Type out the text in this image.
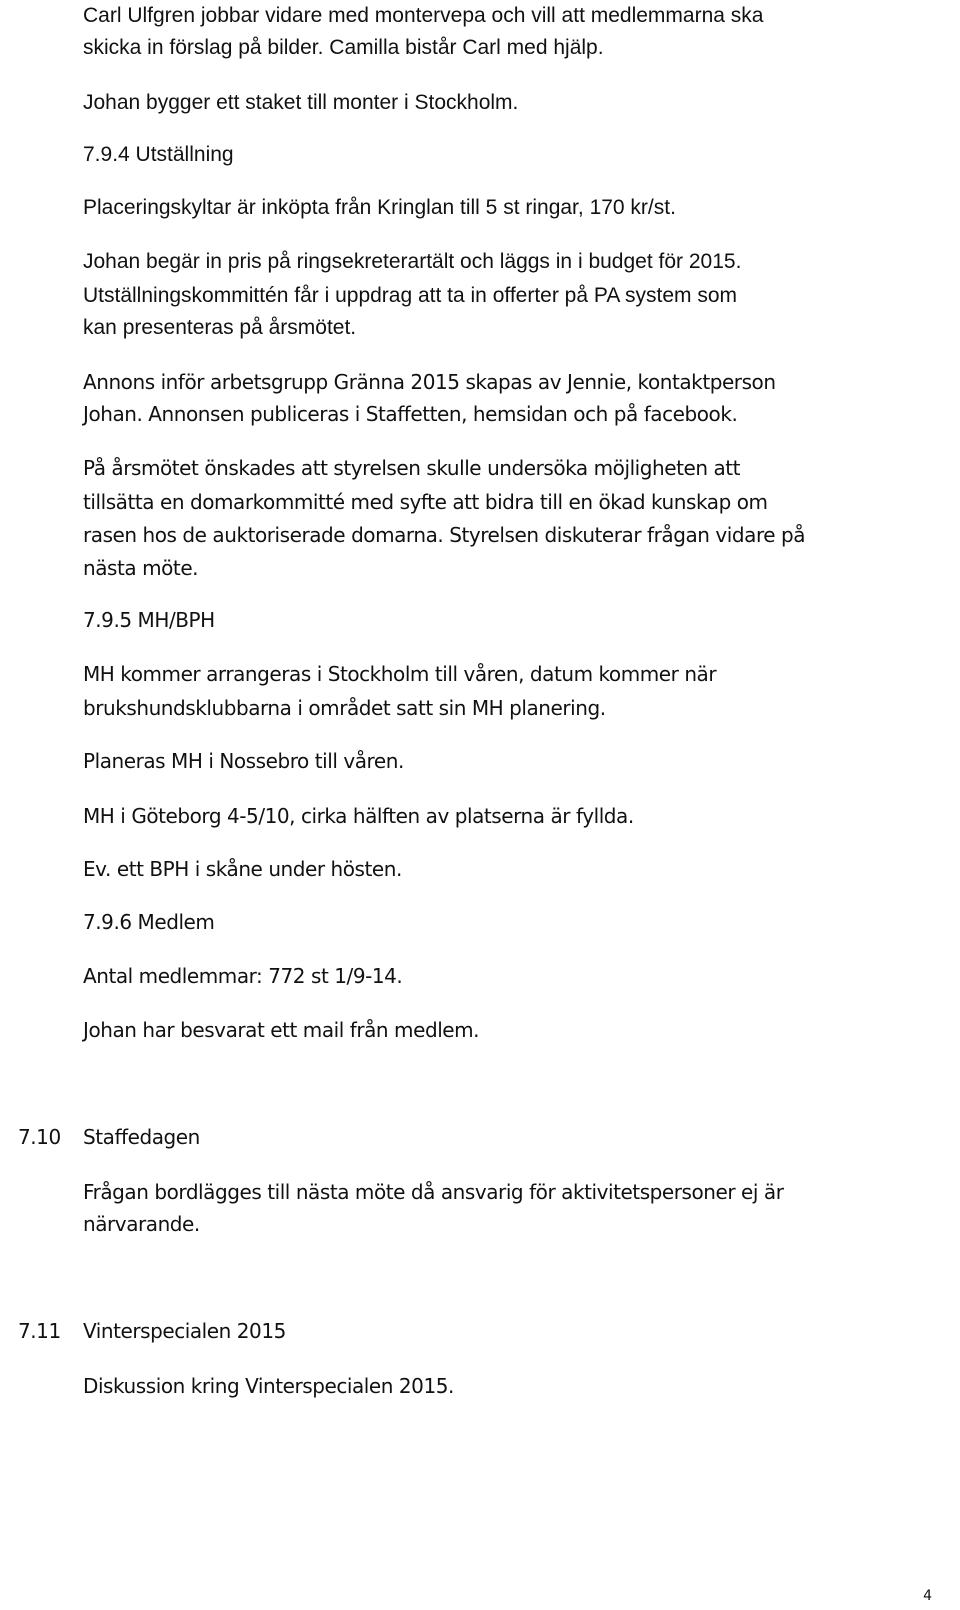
Carl Ulfgren jobbar vidare med montervepa och vill att medlemmarna ska
skicka in förslag på bilder. Camilla bistår Carl med hjälp.
Johan bygger ett staket till monter i Stockholm.
7.9.4 Utställning
Placeringskyltar är inköpta från Kringlan till 5 st ringar, 170 kr/st.
Johan begär in pris på ringsekreterartält och läggs in i budget för 2015.
Utställningskommittén får i uppdrag att ta in offerter på PA system som
kan presenteras på årsmötet.
Annons inför arbetsgrupp Gränna 2015 skapas av Jennie, kontaktperson
Johan. Annonsen publiceras i Staffetten, hemsidan och på facebook.
På årsmötet önskades att styrelsen skulle undersöka möjligheten att
tillsätta en domarkommitté med syfte att bidra till en ökad kunskap om
rasen hos de auktoriserade domarna. Styrelsen diskuterar frågan vidare på
nästa möte.
7.9.5 MH/BPH
MH kommer arrangeras i Stockholm till våren, datum kommer när
brukshundsklubbarna i området satt sin MH planering.
Planeras MH i Nossebro till våren.
MH i Göteborg 4-5/10, cirka hälften av platserna är fyllda.
Ev. ett BPH i skåne under hösten.
7.9.6 Medlem
Antal medlemmar: 772 st 1/9-14.
Johan har besvarat ett mail från medlem.
7.10 Staffedagen
Frågan bordlägges till nästa möte då ansvarig för aktivitetspersoner ej är
närvarande.
7.11 Vinterspecialen 2015
Diskussion kring Vinterspecialen 2015.
4
